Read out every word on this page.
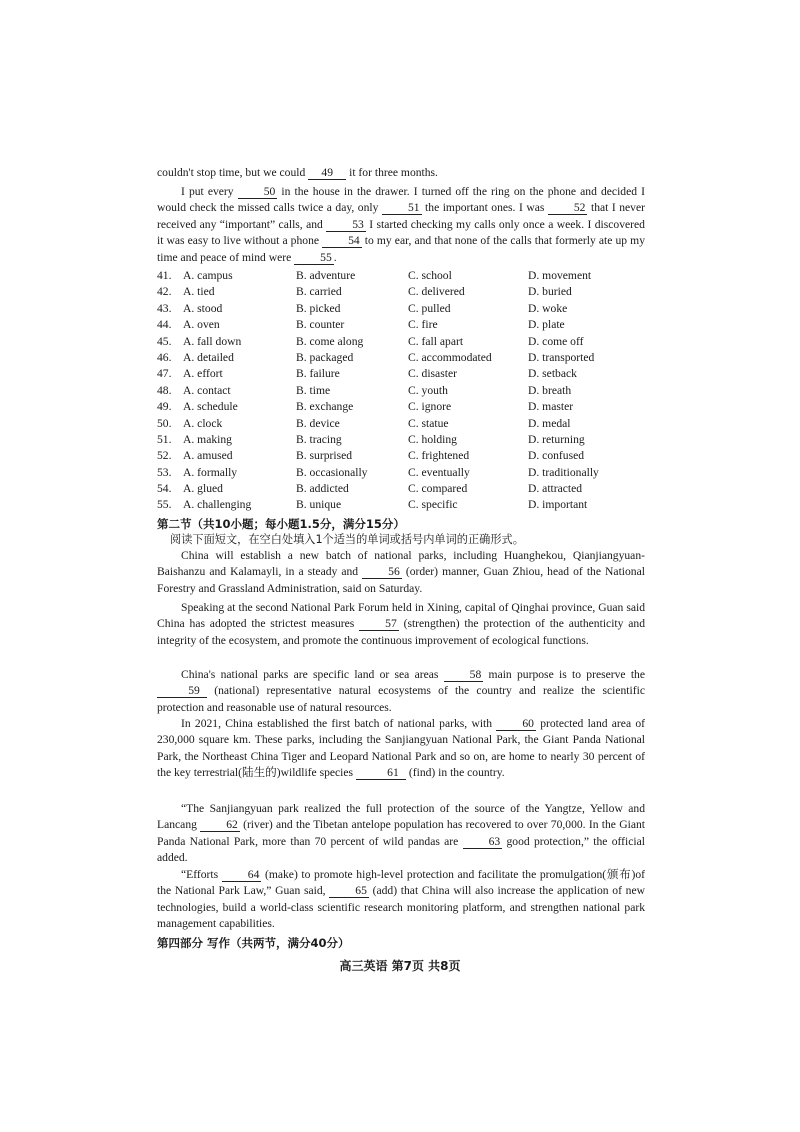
couldn't stop time, but we could 49 it for three months.

I put every	50 in the house in the drawer. I turned off the ring on the phone and decided I would check the missed calls twice a day, only	51 the important ones. I was	52 that I never received any “important” calls, and	53 I started checking my calls only once a week. I discovered it was easy to live without a phone	54 to my ear, and that none of the calls that formerly ate up my time and peace of mind were 55 .

41. A. campus	B. adventure	C. school	D. movement
42. A. tied	B. carried	C. delivered	D. buried
43. A. stood	B. picked	C. pulled	D. woke
44. A. oven	B. counter	C. fire	D. plate
45. A. fall down	B. come along	C. fall apart	D. come off
46. A. detailed	B. packaged	C. accommodated	D. transported
47. A. effort	B. failure	C. disaster	D. setback
48. A. contact	B. time	C. youth	D. breath
49. A. schedule	B. exchange	C. ignore	D. master
50. A. clock	B. device	C. statue	D. medal
51. A. making	B. tracing	C. holding	D. returning
52. A. amused	B. surprised	C. frightened	D. confused
53. A. formally	B. occasionally	C. eventually	D. traditionally
54. A. glued	B. addicted	C. compared	D. attracted
55. A. challenging	B. unique	C. specific	D. important

第二节（共10小题；每小题1.5分，满分15分）

阅读下面短文，在空白处填入1个适当的单词或括号内单词的正确形式。

China will establish a new batch of national parks, including Huanghekou, Qianjiangyuan-Baishanzu and Kalamayli, in a steady and	56 (order) manner, Guan Zhiou, head of the National Forestry and Grassland Administration, said on Saturday.

Speaking at the second National Park Forum held in Xining, capital of Qinghai province, Guan said China has adopted the strictest measures	57 (strengthen) the protection of the authenticity and integrity of the ecosystem, and promote the continuous improvement of ecological functions.

China's national parks are specific land or sea areas	58 main purpose is to preserve the 59 (national) representative natural ecosystems of the country and realize the scientific protection and reasonable use of natural resources.

In 2021, China established the first batch of national parks, with	60 protected land area of 230,000 square km. These parks, including the Sanjiangyuan National Park, the Giant Panda National Park, the Northeast China Tiger and Leopard National Park and so on, are home to nearly 30 percent of the key terrestrial(陆生的)wildlife species	61 (find) in the country.

“The Sanjiangyuan park realized the full protection of the source of the Yangtze, Yellow and Lancang	62 (river) and the Tibetan antelope population has recovered to over 70,000. In the Giant Panda National Park, more than 70 percent of wild pandas are	63 good protection,” the official added.

“Efforts	64 (make) to promote high-level protection and facilitate the promulgation(颁布)of the National Park Law,” Guan said,	65 (add) that China will also increase the application of new technologies, build a world-class scientific research monitoring platform, and strengthen national park management capabilities.

第四部分 写作（共两节，满分40分）

高三英语 第7页 共8页
